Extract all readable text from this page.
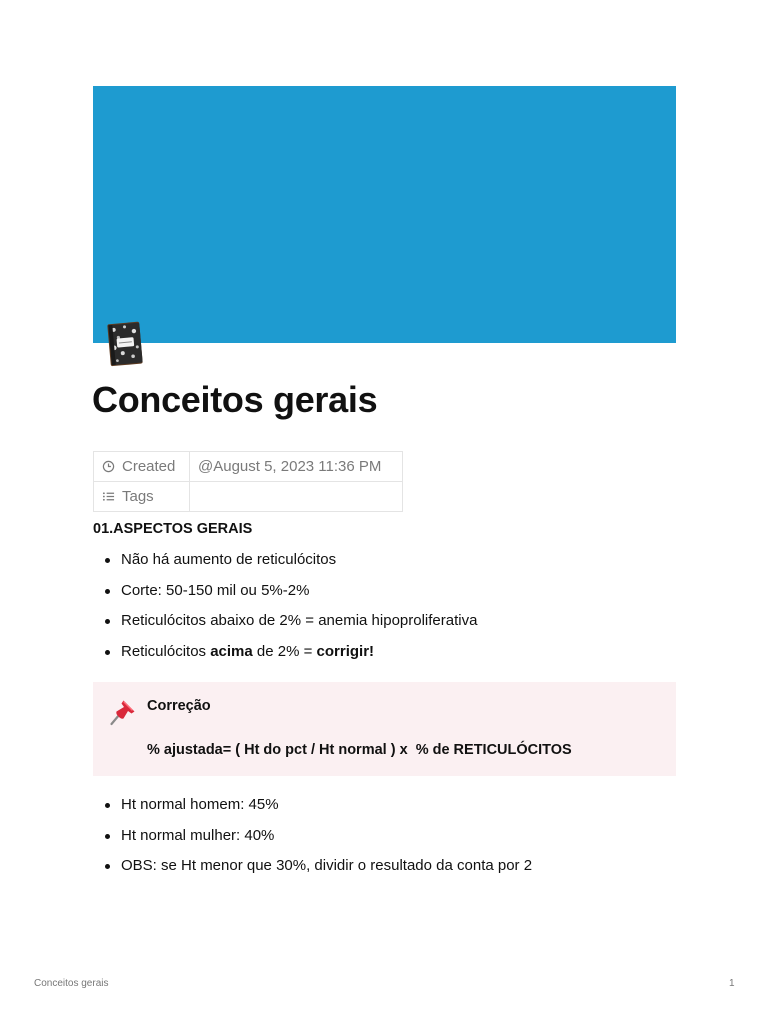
Conceitos gerais
Created	@August 5, 2023 11:36 PM
Tags	
01.ASPECTOS GERAIS
Não há aumento de reticulócitos
Corte: 50-150 mil ou 5%-2%
Reticulócitos abaixo de 2% = anemia hipoproliferativa
Reticulócitos acima de 2% = corrigir!
Correção
% ajustada= ( Ht do pct / Ht normal ) x  % de RETICULÓCITOS
Ht normal homem: 45%
Ht normal mulher: 40%
OBS: se Ht menor que 30%, dividir o resultado da conta por 2
Conceitos gerais	1
